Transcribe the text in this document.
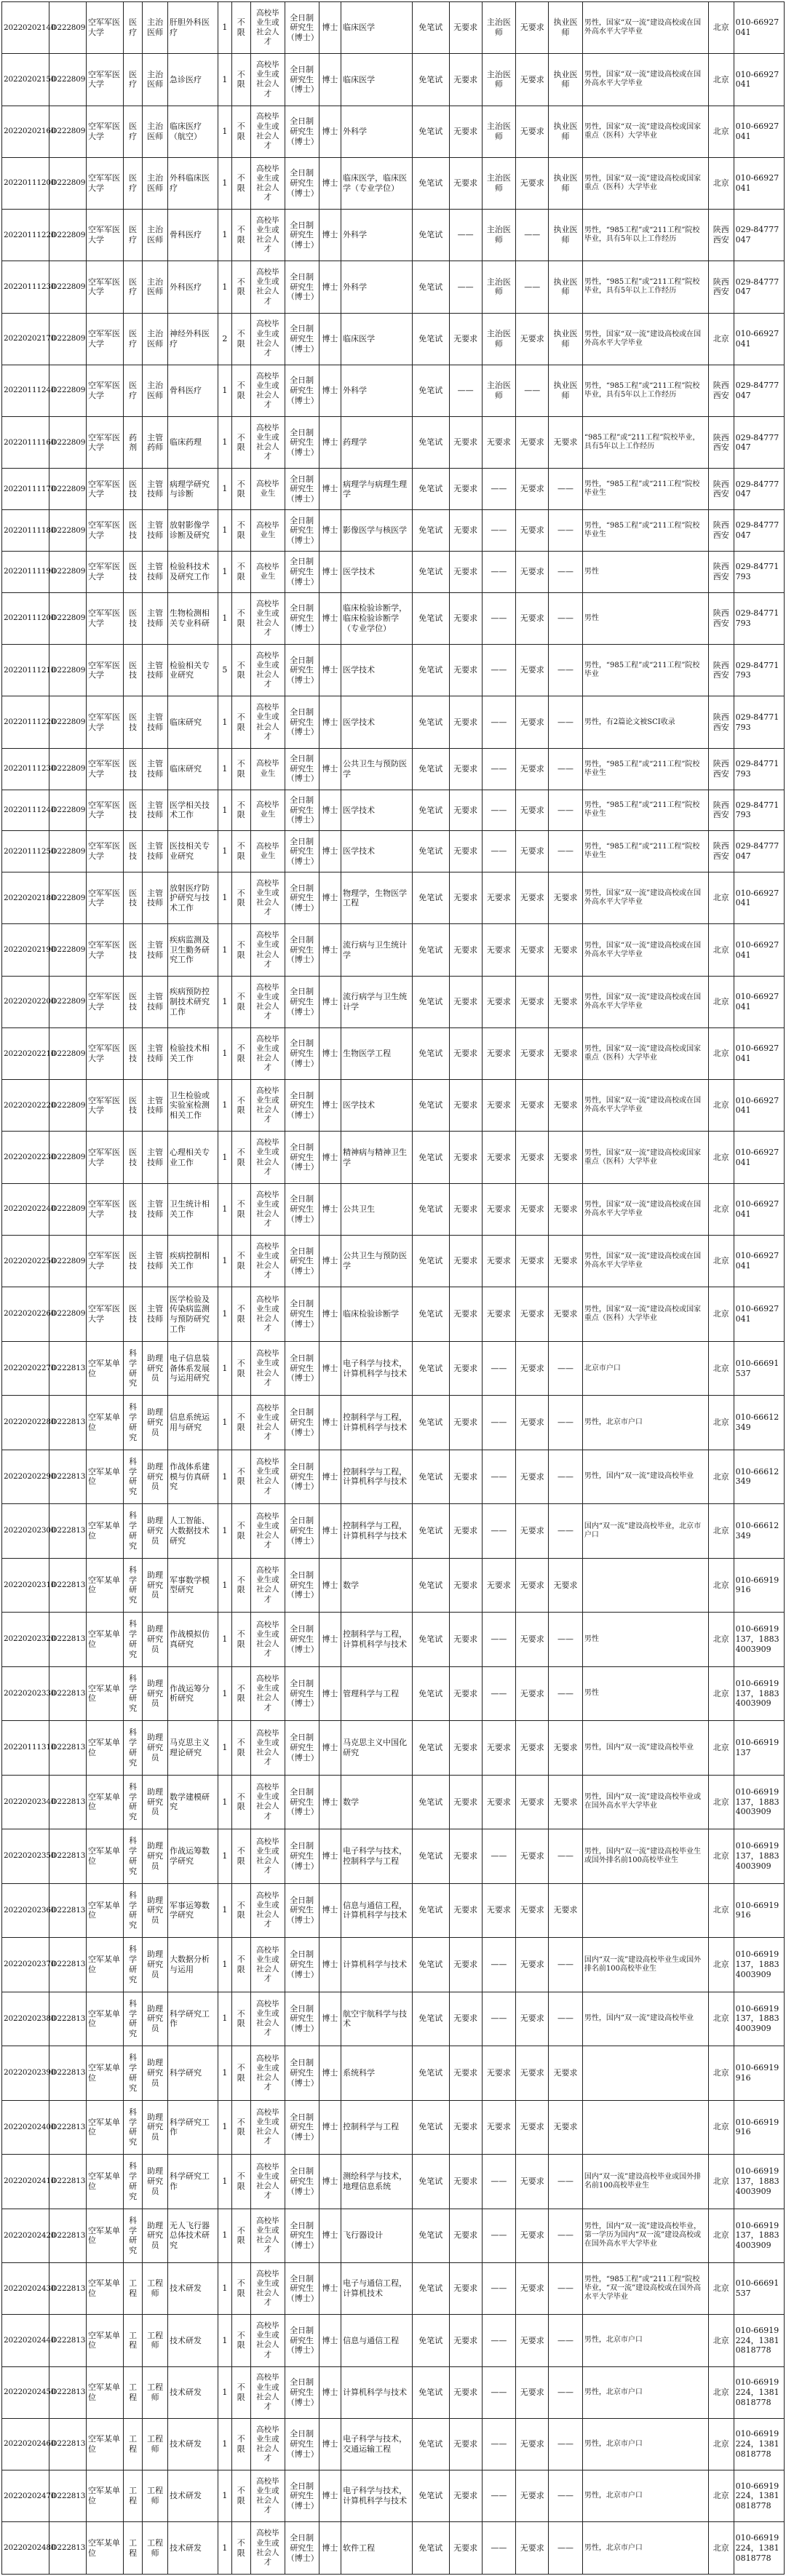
20220202140	D222809	空军军医大学	医疗	主治医师	肝胆外科医疗	1	不限	高校毕业生或社会人才	全日制研究生（博士）	博士	临床医学	免笔试	无要求	主治医师	无要求	执业医师	男性，国家“双一流”建设高校或在国外高水平大学毕业	北京	010-66927041
20220202150	D222809	空军军医大学	医疗	主治医师	急诊医疗	1	不限	高校毕业生或社会人才	全日制研究生（博士）	博士	临床医学	免笔试	无要求	主治医师	无要求	执业医师	男性，国家“双一流”建设高校或在国外高水平大学毕业	北京	010-66927041
20220202160	D222809	空军军医大学	医疗	主治医师	临床医疗（航空）	1	不限	高校毕业生或社会人才	全日制研究生（博士）	博士	外科学	免笔试	无要求	主治医师	无要求	执业医师	男性，国家“双一流”建设高校或国家重点（医科）大学毕业	北京	010-66927041
20220111200	D222809	空军军医大学	医疗	主治医师	外科临床医疗	1	不限	高校毕业生或社会人才	全日制研究生（博士）	博士	临床医学，临床医学（专业学位）	免笔试	无要求	主治医师	无要求	执业医师	男性，国家“双一流”建设高校或国家重点（医科）大学毕业	北京	010-66927041
20220111220	D222809	空军军医大学	医疗	主治医师	骨科医疗	1	不限	高校毕业生或社会人才	全日制研究生（博士）	博士	外科学	免笔试	——	主治医师	——	执业医师	男性，“985工程”或“211工程”院校毕业，具有5年以上工作经历	陕西西安	029-84777047
20220111230	D222809	空军军医大学	医疗	主治医师	外科医疗	1	不限	高校毕业生或社会人才	全日制研究生（博士）	博士	外科学	免笔试	——	主治医师	——	执业医师	男性，“985工程”或“211工程”院校毕业，具有5年以上工作经历	陕西西安	029-84777047
20220202170	D222809	空军军医大学	医疗	主治医师	神经外科医疗	2	不限	高校毕业生或社会人才	全日制研究生（博士）	博士	临床医学	免笔试	无要求	主治医师	无要求	执业医师	男性，国家“双一流”建设高校或在国外高水平大学毕业	北京	010-66927041
20220111240	D222809	空军军医大学	医疗	主治医师	骨科医疗	1	不限	高校毕业生或社会人才	全日制研究生（博士）	博士	外科学	免笔试	——	主治医师	——	执业医师	男性，“985工程”或“211工程”院校毕业，具有5年以上工作经历	陕西西安	029-84777047
20220111160	D222809	空军军医大学	药剂	主管药师	临床药理	1	不限	高校毕业生或社会人才	全日制研究生（博士）	博士	药理学	免笔试	无要求	无要求	无要求	无要求	“985工程”或“211工程”院校毕业，具有5年以上工作经历	陕西西安	029-84777047
20220111170	D222809	空军军医大学	医技	主管技师	病理学研究与诊断	1	不限	高校毕业生	全日制研究生（博士）	博士	病理学与病理生理学	免笔试	无要求	——	无要求	——	男性，“985工程”或“211工程”院校毕业生	陕西西安	029-84777047
20220111180	D222809	空军军医大学	医技	主管技师	放射影像学诊断及研究	1	不限	高校毕业生	全日制研究生（博士）	博士	影像医学与核医学	免笔试	无要求	——	无要求	——	男性，“985工程”或“211工程”院校毕业生	陕西西安	029-84777047
20220111190	D222809	空军军医大学	医技	主管技师	检验科技术及研究工作	1	不限	高校毕业生	全日制研究生（博士）	博士	医学技术	免笔试	无要求	——	无要求	——	男性	陕西西安	029-84771793
20220111200	D222809	空军军医大学	医技	主管技师	生物检测相关专业科研	1	不限	高校毕业生或社会人才	全日制研究生（博士）	博士	临床检验诊断学，临床检验诊断学（专业学位）	免笔试	无要求	——	无要求	——	男性	陕西西安	029-84771793
20220111210	D222809	空军军医大学	医技	主管技师	检验相关专业研究	5	不限	高校毕业生或社会人才	全日制研究生（博士）	博士	医学技术	免笔试	无要求	——	无要求	——	男性，“985工程”或“211工程”院校毕业	陕西西安	029-84771793
20220111220	D222809	空军军医大学	医技	主管技师	临床研究	1	不限	高校毕业生或社会人才	全日制研究生（博士）	博士	医学技术	免笔试	无要求	——	无要求	——	男性，有2篇论文被SCI收录	陕西西安	029-84771793
20220111230	D222809	空军军医大学	医技	主管技师	临床研究	1	不限	高校毕业生	全日制研究生（博士）	博士	公共卫生与预防医学	免笔试	无要求	——	无要求	——	男性，“985工程”或“211工程”院校毕业生	陕西西安	029-84771793
20220111240	D222809	空军军医大学	医技	主管技师	医学相关技术工作	1	不限	高校毕业生	全日制研究生（博士）	博士	医学技术	免笔试	无要求	——	无要求	——	男性，“985工程”或“211工程”院校毕业生	陕西西安	029-84771793
20220111250	D222809	空军军医大学	医技	主管技师	医技相关专业研究	1	不限	高校毕业生	全日制研究生（博士）	博士	医学技术	免笔试	无要求	——	无要求	——	男性，“985工程”或“211工程”院校毕业生	陕西西安	029-84777047
20220202180	D222809	空军军医大学	医技	主管技师	放射医疗防护研究与技术工作	1	不限	高校毕业生或社会人才	全日制研究生（博士）	博士	物理学，生物医学工程	免笔试	无要求	无要求	无要求	无要求	男性，国家“双一流”建设高校或在国外高水平大学毕业	北京	010-66927041
20220202190	D222809	空军军医大学	医技	主管技师	疾病监测及卫生勤务研究工作	1	不限	高校毕业生或社会人才	全日制研究生（博士）	博士	流行病与卫生统计学	免笔试	无要求	无要求	无要求	无要求	男性，国家“双一流”建设高校或在国外高水平大学毕业	北京	010-66927041
20220202200	D222809	空军军医大学	医技	主管技师	疾病预防控制技术研究工作	1	不限	高校毕业生或社会人才	全日制研究生（博士）	博士	流行病学与卫生统计学	免笔试	无要求	无要求	无要求	无要求	男性，国家“双一流”建设高校或在国外高水平大学毕业	北京	010-66927041
20220202210	D222809	空军军医大学	医技	主管技师	检验技术相关工作	1	不限	高校毕业生或社会人才	全日制研究生（博士）	博士	生物医学工程	免笔试	无要求	无要求	无要求	无要求	男性，国家“双一流”建设高校或国家重点（医科）大学毕业	北京	010-66927041
20220202220	D222809	空军军医大学	医技	主管技师	卫生检验或实验室检测相关工作	1	不限	高校毕业生或社会人才	全日制研究生（博士）	博士	医学技术	免笔试	无要求	无要求	无要求	无要求	男性，国家“双一流”建设高校或在国外高水平大学毕业	北京	010-66927041
20220202230	D222809	空军军医大学	医技	主管技师	心理相关专业工作	1	不限	高校毕业生或社会人才	全日制研究生（博士）	博士	精神病与精神卫生学	免笔试	无要求	无要求	无要求	无要求	男性，国家“双一流”建设高校或国家重点（医科）大学毕业	北京	010-66927041
20220202240	D222809	空军军医大学	医技	主管技师	卫生统计相关工作	1	不限	高校毕业生或社会人才	全日制研究生（博士）	博士	公共卫生	免笔试	无要求	无要求	无要求	无要求	男性，国家“双一流”建设高校或在国外高水平大学毕业	北京	010-66927041
20220202250	D222809	空军军医大学	医技	主管技师	疾病控制相关工作	1	不限	高校毕业生或社会人才	全日制研究生（博士）	博士	公共卫生与预防医学	免笔试	无要求	无要求	无要求	无要求	男性，国家“双一流”建设高校或在国外高水平大学毕业	北京	010-66927041
20220202260	D222809	空军军医大学	医技	主管技师	医学检验及传染病监测与预防研究工作	1	不限	高校毕业生或社会人才	全日制研究生（博士）	博士	临床检验诊断学	免笔试	无要求	无要求	无要求	无要求	男性，国家“双一流”建设高校或国家重点（医科）大学毕业	北京	010-66927041
20220202270	D222813	空军某单位	科学研究	助理研究员	电子信息装备体系发展与运用研究	1	不限	高校毕业生或社会人才	全日制研究生（博士）	博士	电子科学与技术，计算机科学与技术	免笔试	无要求	——	无要求	——	北京市户口	北京	010-66691537
20220202280	D222813	空军某单位	科学研究	助理研究员	信息系统运用与研究	1	不限	高校毕业生或社会人才	全日制研究生（博士）	博士	控制科学与工程，计算机科学与技术	免笔试	无要求	——	无要求	——	男性，北京市户口	北京	010-66612349
20220202290	D222813	空军某单位	科学研究	助理研究员	作战体系建模与仿真研究	1	不限	高校毕业生或社会人才	全日制研究生（博士）	博士	控制科学与工程，计算机科学与技术	免笔试	无要求	——	无要求	——	男性，国内“双一流”建设高校毕业	北京	010-66612349
20220202300	D222813	空军某单位	科学研究	助理研究员	人工智能、大数据技术研究	1	不限	高校毕业生或社会人才	全日制研究生（博士）	博士	控制科学与工程，计算机科学与技术	免笔试	无要求	——	无要求	——	国内“双一流”建设高校毕业，北京市户口	北京	010-66612349
20220202310	D222813	空军某单位	科学研究	助理研究员	军事数学模型研究	1	不限	高校毕业生或社会人才	全日制研究生（博士）	博士	数学	免笔试	无要求	无要求	无要求	无要求		北京	010-66919916
20220202320	D222813	空军某单位	科学研究	助理研究员	作战模拟仿真研究	1	不限	高校毕业生或社会人才	全日制研究生（博士）	博士	控制科学与工程，计算机科学与技术	免笔试	无要求	——	无要求	——	男性	北京	010-66919137，18834003909
20220202330	D222813	空军某单位	科学研究	助理研究员	作战运筹分析研究	1	不限	高校毕业生或社会人才	全日制研究生（博士）	博士	管理科学与工程	免笔试	无要求	——	无要求	——	男性	北京	010-66919137，18834003909
20220111310	D222813	空军某单位	科学研究	助理研究员	马克思主义理论研究	1	不限	高校毕业生或社会人才	全日制研究生（博士）	博士	马克思主义中国化研究	免笔试	无要求	无要求	无要求	无要求	男性，国内“双一流”建设高校毕业	北京	010-66919137
20220202340	D222813	空军某单位	科学研究	助理研究员	数学建模研究	1	不限	高校毕业生或社会人才	全日制研究生（博士）	博士	数学	免笔试	无要求	无要求	无要求	无要求	男性，国内“双一流”建设高校毕业或在国外高水平大学毕业	北京	010-66919137，18834003909
20220202350	D222813	空军某单位	科学研究	助理研究员	作战运筹数学研究	1	不限	高校毕业生或社会人才	全日制研究生（博士）	博士	电子科学与技术，控制科学与工程	免笔试	无要求	——	无要求	——	男性，国内“双一流”建设高校毕业生或国外排名前100高校毕业生	北京	010-66919137，18834003909
20220202360	D222813	空军某单位	科学研究	助理研究员	军事运筹数学研究	1	不限	高校毕业生或社会人才	全日制研究生（博士）	博士	信息与通信工程，计算机科学与技术	免笔试	无要求	无要求	无要求	无要求		北京	010-66919916
20220202370	D222813	空军某单位	科学研究	助理研究员	大数据分析与运用	1	不限	高校毕业生或社会人才	全日制研究生（博士）	博士	计算机科学与技术	免笔试	无要求	——	无要求	——	国内“双一流”建设高校毕业生或国外排名前100高校毕业生	北京	010-66919137，18834003909
20220202380	D222813	空军某单位	科学研究	助理研究员	科学研究工作	1	不限	高校毕业生或社会人才	全日制研究生（博士）	博士	航空宇航科学与技术	免笔试	无要求	——	无要求	——	男性，国内“双一流”建设高校毕业	北京	010-66919137，18834003909
20220202390	D222813	空军某单位	科学研究	助理研究员	科学研究	1	不限	高校毕业生或社会人才	全日制研究生（博士）	博士	系统科学	免笔试	无要求	无要求	无要求	无要求		北京	010-66919916
20220202400	D222813	空军某单位	科学研究	助理研究员	科学研究工作	1	不限	高校毕业生或社会人才	全日制研究生（博士）	博士	控制科学与工程	免笔试	无要求	无要求	无要求	无要求		北京	010-66919916
20220202410	D222813	空军某单位	科学研究	助理研究员	科学研究工作	1	不限	高校毕业生或社会人才	全日制研究生（博士）	博士	测绘科学与技术，地理信息系统	免笔试	无要求	——	无要求	——	国内“双一流”建设高校毕业或国外排名前100高校毕业生	北京	010-66919137，18834003909
20220202420	D222813	空军某单位	科学研究	助理研究员	无人飞行器总体技术研究	1	不限	高校毕业生或社会人才	全日制研究生（博士）	博士	飞行器设计	免笔试	无要求	——	无要求	——	男性，国内“双一流”建设高校毕业，第一学历为国内“双一流”建设高校或在国外高水平大学毕业	北京	010-66919137，18834003909
20220202430	D222813	空军某单位	工程	工程师	技术研发	1	不限	高校毕业生或社会人才	全日制研究生（博士）	博士	电子与通信工程，计算机技术	免笔试	无要求	——	无要求	——	男性，“985工程”或“211工程”院校毕业，“双一流”建设高校或在国外高水平大学毕业	北京	010-66691537
20220202440	D222813	空军某单位	工程	工程师	技术研发	1	不限	高校毕业生或社会人才	全日制研究生（博士）	博士	信息与通信工程	免笔试	无要求	——	无要求	——	男性，北京市户口	北京	010-66919224，13810818778
20220202450	D222813	空军某单位	工程	工程师	技术研发	1	不限	高校毕业生或社会人才	全日制研究生（博士）	博士	计算机科学与技术	免笔试	无要求	——	无要求	——	男性，北京市户口	北京	010-66919224，13810818778
20220202460	D222813	空军某单位	工程	工程师	技术研发	1	不限	高校毕业生或社会人才	全日制研究生（博士）	博士	电子科学与技术，交通运输工程	免笔试	无要求	——	无要求	——	男性，北京市户口	北京	010-66919224，13810818778
20220202470	D222813	空军某单位	工程	工程师	技术研发	1	不限	高校毕业生或社会人才	全日制研究生（博士）	博士	电子科学与技术，计算机科学与技术	免笔试	无要求	——	无要求	——	男性，北京市户口	北京	010-66919224，13810818778
20220202480	D222813	空军某单位	工程	工程师	技术研发	1	不限	高校毕业生或社会人才	全日制研究生（博士）	博士	软件工程	免笔试	无要求	——	无要求	——	男性，北京市户口	北京	010-66919224，13810818778
